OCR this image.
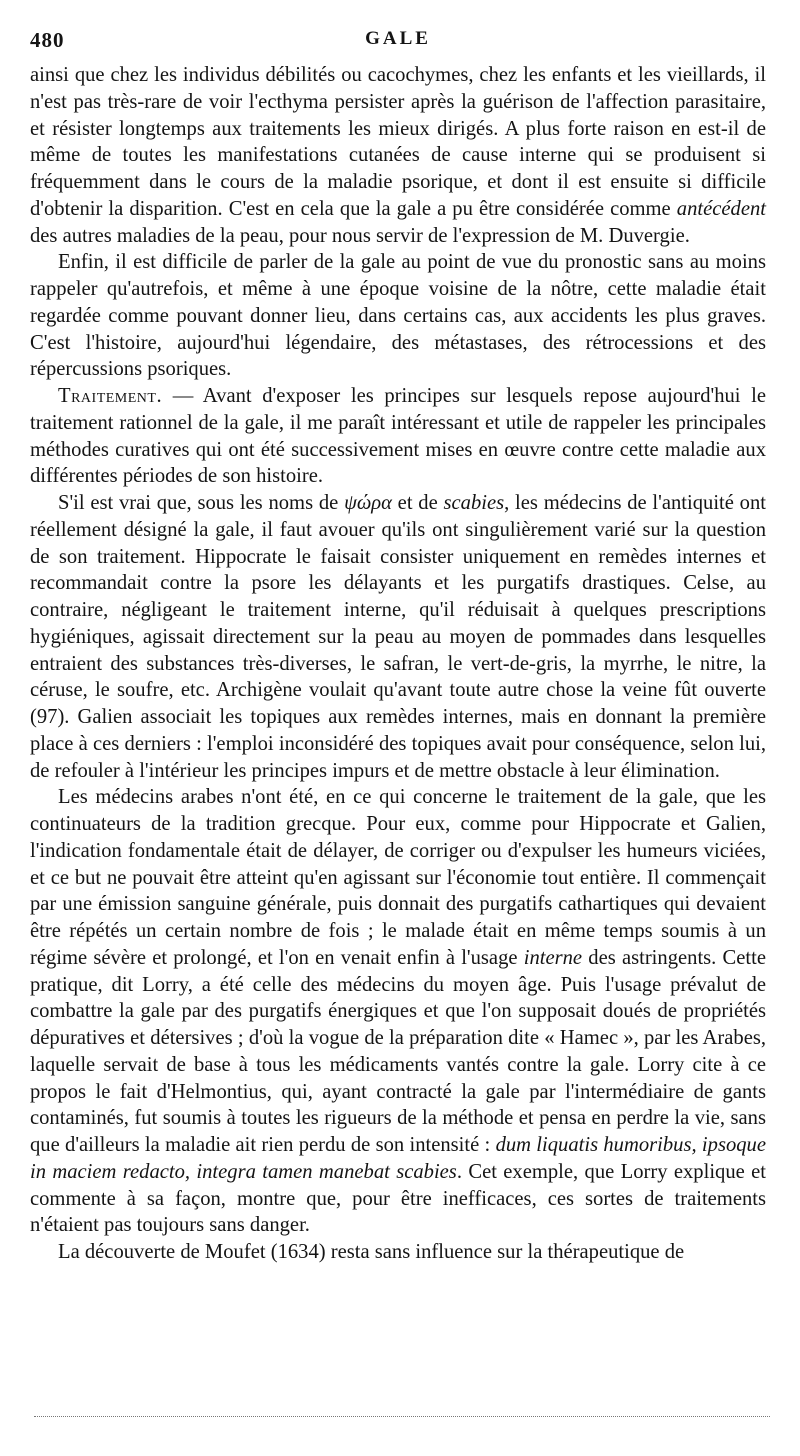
480	GALE

ainsi que chez les individus débilités ou cacochymes, chez les enfants et les vieillards, il n'est pas très-rare de voir l'ecthyma persister après la guérison de l'affection parasitaire, et résister longtemps aux traitements les mieux dirigés. A plus forte raison en est-il de même de toutes les manifestations cutanées de cause interne qui se produisent si fréquemment dans le cours de la maladie psorique, et dont il est ensuite si difficile d'obtenir la disparition. C'est en cela que la gale a pu être considérée comme antécédent des autres maladies de la peau, pour nous servir de l'expression de M. Duvergie.

Enfin, il est difficile de parler de la gale au point de vue du pronostic sans au moins rappeler qu'autrefois, et même à une époque voisine de la nôtre, cette maladie était regardée comme pouvant donner lieu, dans certains cas, aux accidents les plus graves. C'est l'histoire, aujourd'hui légendaire, des métastases, des rétrocessions et des répercussions psoriques.

Traitement. — Avant d'exposer les principes sur lesquels repose aujourd'hui le traitement rationnel de la gale, il me paraît intéressant et utile de rappeler les principales méthodes curatives qui ont été successivement mises en œuvre contre cette maladie aux différentes périodes de son histoire.

S'il est vrai que, sous les noms de ψώρα et de scabies, les médecins de l'antiquité ont réellement désigné la gale, il faut avouer qu'ils ont singulièrement varié sur la question de son traitement. Hippocrate le faisait consister uniquement en remèdes internes et recommandait contre la psore les délayants et les purgatifs drastiques. Celse, au contraire, négligeant le traitement interne, qu'il réduisait à quelques prescriptions hygiéniques, agissait directement sur la peau au moyen de pommades dans lesquelles entraient des substances très-diverses, le safran, le vert-de-gris, la myrrhe, le nitre, la céruse, le soufre, etc. Archigène voulait qu'avant toute autre chose la veine fût ouverte (97). Galien associait les topiques aux remèdes internes, mais en donnant la première place à ces derniers : l'emploi inconsidéré des topiques avait pour conséquence, selon lui, de refouler à l'intérieur les principes impurs et de mettre obstacle à leur élimination.

Les médecins arabes n'ont été, en ce qui concerne le traitement de la gale, que les continuateurs de la tradition grecque. Pour eux, comme pour Hippocrate et Galien, l'indication fondamentale était de délayer, de corriger ou d'expulser les humeurs viciées, et ce but ne pouvait être atteint qu'en agissant sur l'économie tout entière. Il commençait par une émission sanguine générale, puis donnait des purgatifs cathartiques qui devaient être répétés un certain nombre de fois ; le malade était en même temps soumis à un régime sévère et prolongé, et l'on en venait enfin à l'usage interne des astringents. Cette pratique, dit Lorry, a été celle des médecins du moyen âge. Puis l'usage prévalut de combattre la gale par des purgatifs énergiques et que l'on supposait doués de propriétés dépuratives et détersives ; d'où la vogue de la préparation dite « Hamec », par les Arabes, laquelle servait de base à tous les médicaments vantés contre la gale. Lorry cite à ce propos le fait d'Helmontius, qui, ayant contracté la gale par l'intermédiaire de gants contaminés, fut soumis à toutes les rigueurs de la méthode et pensa en perdre la vie, sans que d'ailleurs la maladie ait rien perdu de son intensité : dum liquatis humoribus, ipsoque in maciem redacto, integra tamen manebat scabies. Cet exemple, que Lorry explique et commente à sa façon, montre que, pour être inefficaces, ces sortes de traitements n'étaient pas toujours sans danger.

La découverte de Moufet (1634) resta sans influence sur la thérapeutique de
